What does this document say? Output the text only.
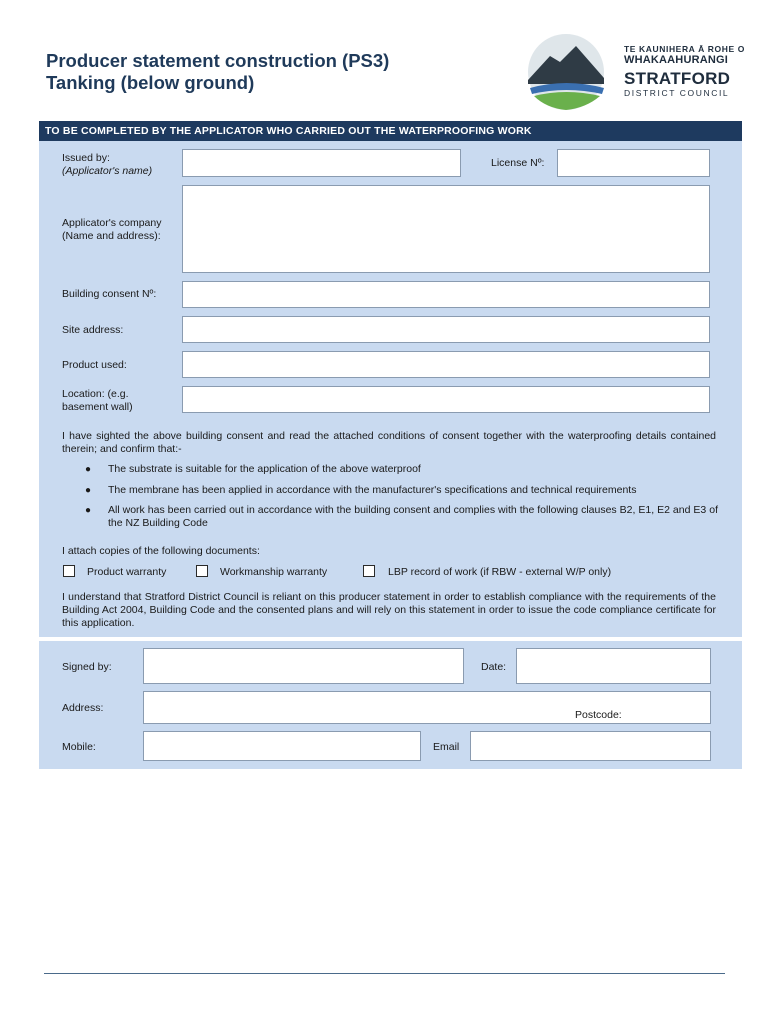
Producer statement construction (PS3)
Tanking (below ground)
TE KAUNIHERA Ā ROHE O
WHAKAAHURANGI
STRATFORD
DISTRICT COUNCIL
TO BE COMPLETED BY THE APPLICATOR WHO CARRIED OUT THE WATERPROOFING WORK
Issued by:
(Applicator's name)
License Nº:
Applicator's company
(Name and address):
Building consent Nº:
Site address:
Product used:
Location: (e.g.
basement wall)
I have sighted the above building consent and read the attached conditions of consent together with the waterproofing details contained therein; and confirm that:-
● The substrate is suitable for the application of the above waterproof
● The membrane has been applied in accordance with the manufacturer's specifications and technical requirements
● All work has been carried out in accordance with the building consent and complies with the following clauses B2, E1, E2 and E3 of the NZ Building Code
I attach copies of the following documents:
Product warranty	Workmanship warranty	LBP record of work (if RBW - external W/P only)
I understand that Stratford District Council is reliant on this producer statement in order to establish compliance with the requirements of the Building Act 2004, Building Code and the consented plans and will rely on this statement in order to issue the code compliance certificate for this application.
Signed by:	Date:
Address:
Postcode:
Mobile:	Email
